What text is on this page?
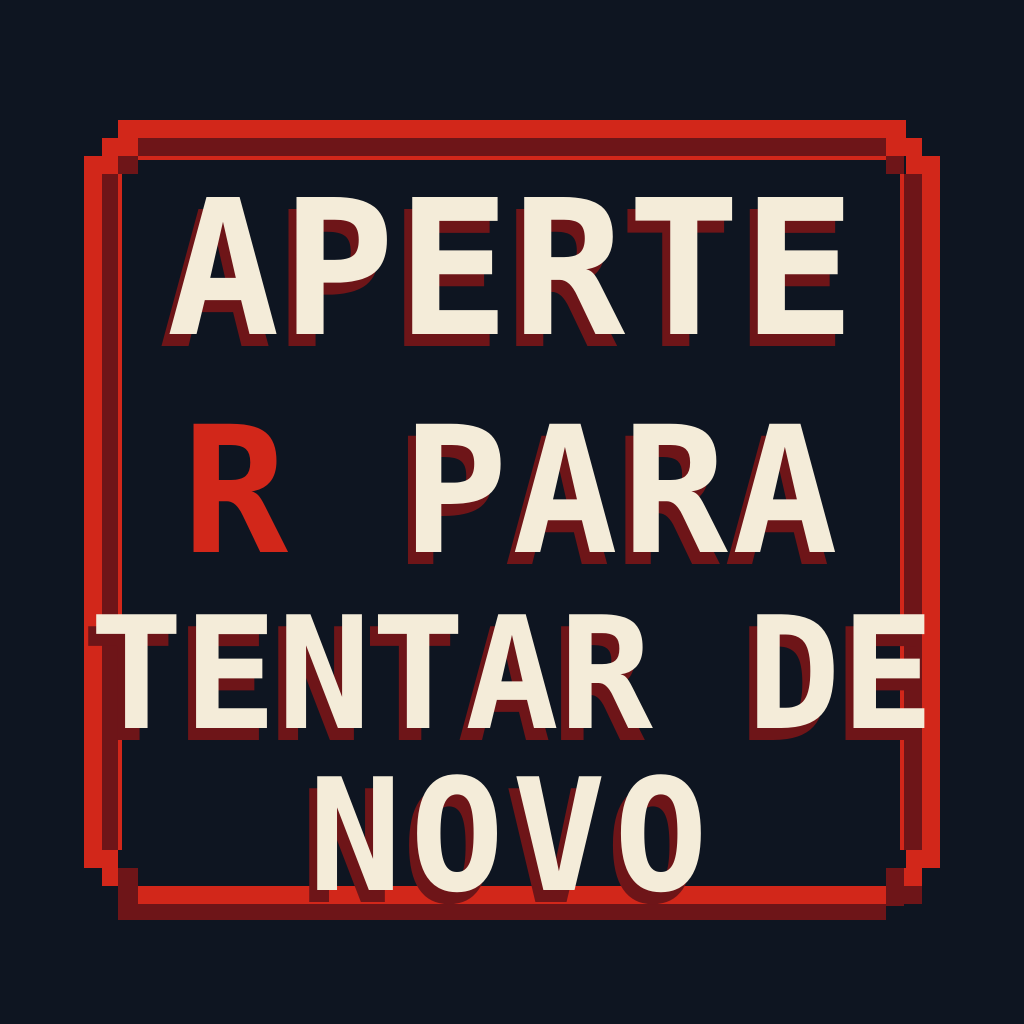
APERTE
R PARA
TENTAR DE
NOVO
